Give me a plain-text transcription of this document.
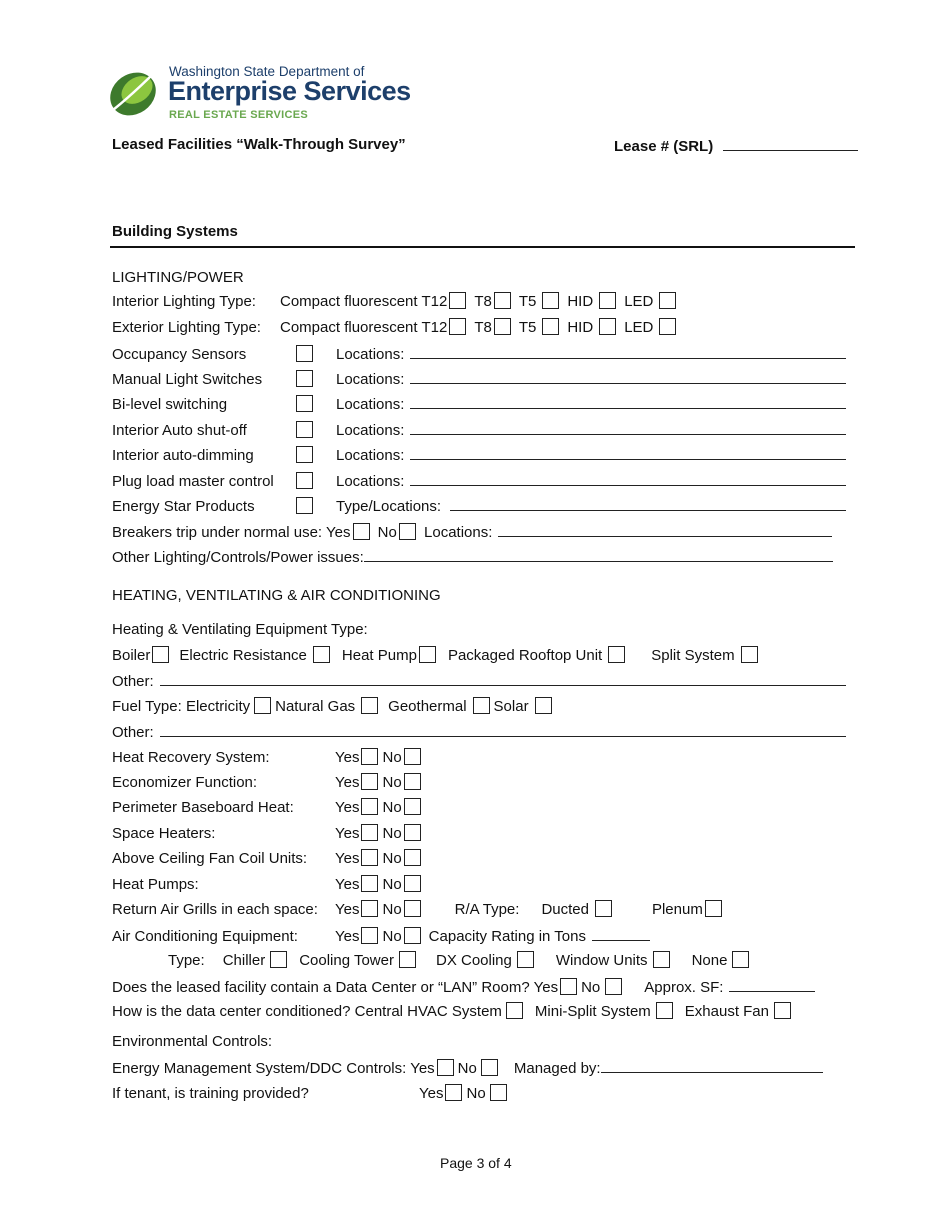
Washington State Department of
Enterprise Services
REAL ESTATE SERVICES
Leased Facilities “Walk-Through Survey”	Lease # (SRL)
Building Systems
LIGHTING/POWER
Interior Lighting Type: Compact fluorescent T12 T8 T5 HID LED
Exterior Lighting Type: Compact fluorescent T12 T8 T5 HID LED
Occupancy Sensors	Locations:
Manual Light Switches	Locations:
Bi-level switching	Locations:
Interior Auto shut-off	Locations:
Interior auto-dimming	Locations:
Plug load master control	Locations:
Energy Star Products	Type/Locations:
Breakers trip under normal use: Yes No Locations:
Other Lighting/Controls/Power issues:
HEATING, VENTILATING & AIR CONDITIONING
Heating & Ventilating Equipment Type:
Boiler Electric Resistance Heat Pump Packaged Rooftop Unit	Split System
Other:
Fuel Type: Electricity Natural Gas Geothermal Solar
Other:
Heat Recovery System:	Yes No
Economizer Function:	Yes No
Perimeter Baseboard Heat:	Yes No
Space Heaters:	Yes No
Above Ceiling Fan Coil Units: Yes No
Heat Pumps:	Yes No
Return Air Grills in each space: Yes No	R/A Type: Ducted	Plenum
Air Conditioning Equipment: Yes No Capacity Rating in Tons
Type: Chiller Cooling Tower	DX Cooling	Window Units	None
Does the leased facility contain a Data Center or “LAN” Room? Yes No	Approx. SF:
How is the data center conditioned? Central HVAC System Mini-Split System Exhaust Fan
Environmental Controls:
Energy Management System/DDC Controls: Yes No Managed by:
If tenant, is training provided?	Yes No
Page 3 of 4
